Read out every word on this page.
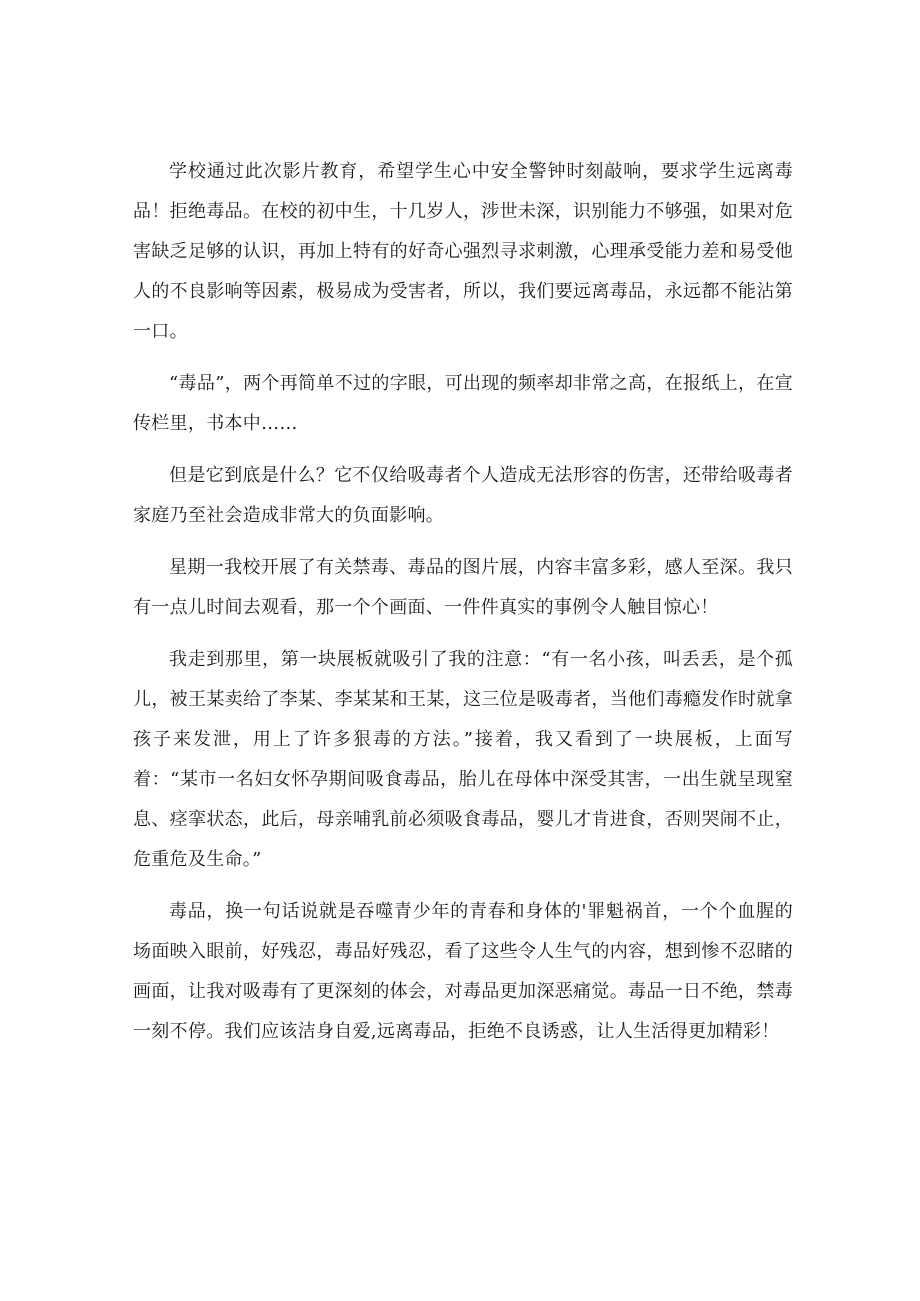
学校通过此次影片教育，希望学生心中安全警钟时刻敲响，要求学生远离毒品！拒绝毒品。在校的初中生，十几岁人，涉世未深，识别能力不够强，如果对危害缺乏足够的认识，再加上特有的好奇心强烈寻求刺激，心理承受能力差和易受他人的不良影响等因素，极易成为受害者，所以，我们要远离毒品，永远都不能沾第一口。

“毒品”，两个再简单不过的字眼，可出现的频率却非常之高，在报纸上，在宣传栏里，书本中……

但是它到底是什么？它不仅给吸毒者个人造成无法形容的伤害，还带给吸毒者家庭乃至社会造成非常大的负面影响。

星期一我校开展了有关禁毒、毒品的图片展，内容丰富多彩，感人至深。我只有一点儿时间去观看，那一个个画面、一件件真实的事例令人触目惊心！

我走到那里，第一块展板就吸引了我的注意：“有一名小孩，叫丢丢，是个孤儿，被王某卖给了李某、李某某和王某，这三位是吸毒者，当他们毒瘾发作时就拿孩子来发泄，用上了许多狠毒的方法。”接着，我又看到了一块展板，上面写着：“某市一名妇女怀孕期间吸食毒品，胎儿在母体中深受其害，一出生就呈现窒息、痉挛状态，此后，母亲哺乳前必须吸食毒品，婴儿才肯进食，否则哭闹不止，危重危及生命。”

毒品，换一句话说就是吞噬青少年的青春和身体的'罪魁祸首，一个个血腥的场面映入眼前，好残忍，毒品好残忍，看了这些令人生气的内容，想到惨不忍睹的画面，让我对吸毒有了更深刻的体会，对毒品更加深恶痛觉。毒品一日不绝，禁毒一刻不停。我们应该洁身自爱,远离毒品，拒绝不良诱惑，让人生活得更加精彩！
